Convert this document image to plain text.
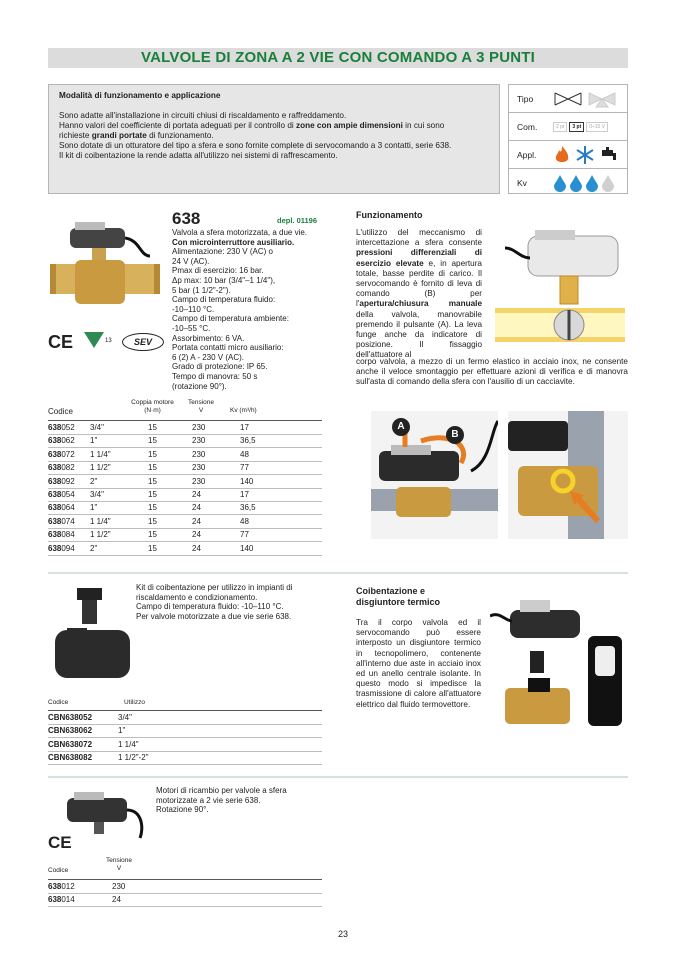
VALVOLE DI ZONA A 2 VIE CON COMANDO A 3 PUNTI
Modalità di funzionamento e applicazione
Sono adatte all'installazione in circuiti chiusi di riscaldamento e raffreddamento.
Hanno valori del coefficiente di portata adeguati per il controllo di zone con ampie dimensioni in cui sono
richieste grandi portate di funzionamento.
Sono dotate di un otturatore del tipo a sfera e sono fornite complete di servocomando a 3 contatti, serie 638.
Il kit di coibentazione la rende adatta all'utilizzo nei sistemi di raffrescamento.
Tipo
Com.	2 pt	3 pt	0÷10 V
Appl.
Kv
CE	13	SEV
638	depl. 01196
Valvola a sfera motorizzata, a due vie.
Con microinterruttore ausiliario.
Alimentazione: 230 V (AC) o
24 V (AC).
Pmax di esercizio: 16 bar.
Δp max: 10 bar (3/4"–1 1/4"),
5 bar (1 1/2"-2").
Campo di temperatura fluido:
-10–110 °C.
Campo di temperatura ambiente:
-10–55 °C.
Assorbimento: 6 VA.
Portata contatti micro ausiliario:
6 (2) A - 230 V (AC).
Grado di protezione: IP 65.
Tempo di manovra: 50 s
(rotazione 90°).
Codice
Coppia motore
(N·m)
Tensione
V	Kv (m³/h)
638052 3/4"	15	230	17
638062 1"	15	230	36,5
638072 1 1/4"	15	230	48
638082 1 1/2"	15	230	77
638092 2"	15	230	140
638054 3/4"	15	24	17
638064 1"	15	24	36,5
638074 1 1/4"	15	24	48
638084 1 1/2"	15	24	77
638094 2"	15	24	140
Funzionamento
L'utilizzo del meccanismo di intercettazione a sfera consente pressioni differenziali di esercizio elevate e, in apertura totale, basse perdite di carico. Il servocomando è fornito di leva di comando (B) per l'apertura/chiusura manuale della valvola, manovrabile premendo il pulsante (A). La leva funge anche da indicatore di posizione. Il fissaggio dell'attuatore al
corpo valvola, a mezzo di un fermo elastico in acciaio inox, ne consente anche il veloce smontaggio per effettuare azioni di verifica e di manovra sull'asta di comando della sfera con l'ausilio di un cacciavite.
A
B
Kit di coibentazione per utilizzo in impianti di
riscaldamento e condizionamento.
Campo di temperatura fluido: -10–110 °C.
Per valvole motorizzate a due vie serie 638.
Codice	Utilizzo
CBN638052	3/4"
CBN638062	1"
CBN638072	1 1/4"
CBN638082	1 1/2"-2"
Coibentazione e
disgiuntore termico
Tra il corpo valvola ed il servocomando può essere interposto un disgiuntore termico in tecnopolimero, contenente all'interno due aste in acciaio inox ed un anello centrale isolante. In questo modo si impedisce la trasmissione di calore all'attuatore elettrico dal fluido termovettore.
CE
Motori di ricambio per valvole a sfera
motorizzate a 2 vie serie 638.
Rotazione 90°.
Codice
Tensione
V
638012	230
638014	24
23
